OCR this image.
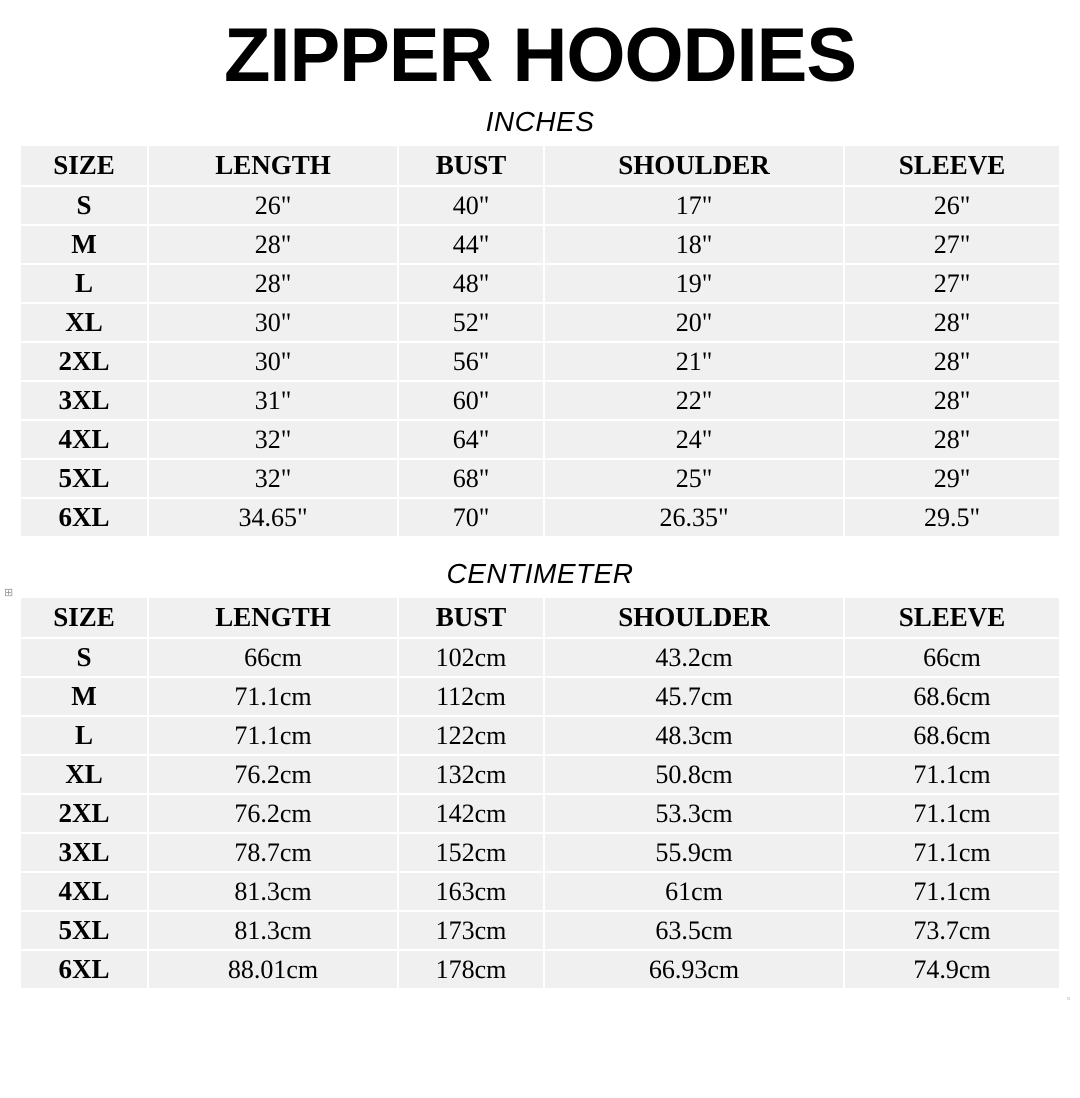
ZIPPER HOODIES
INCHES
SIZE	LENGTH	BUST	SHOULDER	SLEEVE
S	26"	40"	17"	26"
M	28"	44"	18"	27"
L	28"	48"	19"	27"
XL	30"	52"	20"	28"
2XL	30"	56"	21"	28"
3XL	31"	60"	22"	28"
4XL	32"	64"	24"	28"
5XL	32"	68"	25"	29"
6XL	34.65"	70"	26.35"	29.5"
CENTIMETER
SIZE	LENGTH	BUST	SHOULDER	SLEEVE
S	66cm	102cm	43.2cm	66cm
M	71.1cm	112cm	45.7cm	68.6cm
L	71.1cm	122cm	48.3cm	68.6cm
XL	76.2cm	132cm	50.8cm	71.1cm
2XL	76.2cm	142cm	53.3cm	71.1cm
3XL	78.7cm	152cm	55.9cm	71.1cm
4XL	81.3cm	163cm	61cm	71.1cm
5XL	81.3cm	173cm	63.5cm	73.7cm
6XL	88.01cm	178cm	66.93cm	74.9cm
⊞
▫
